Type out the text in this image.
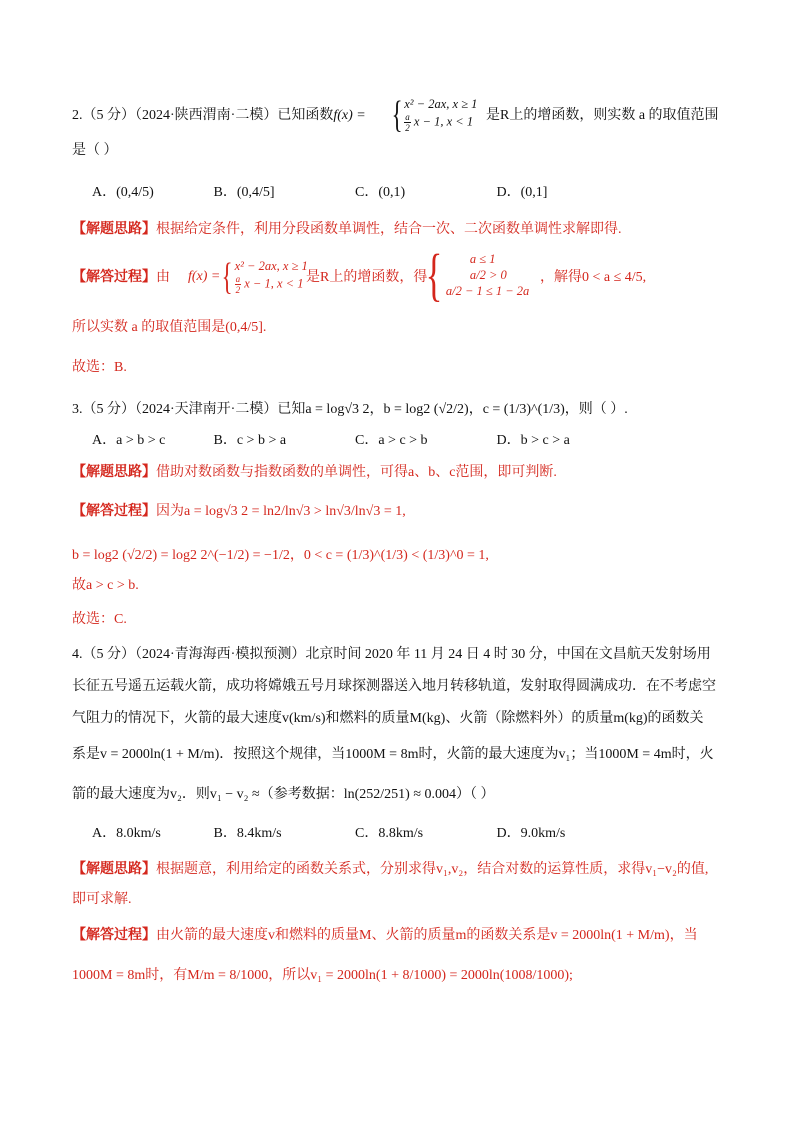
2.（5 分）（2024·陕西渭南·二模）已知函数f(x) = { x² − 2ax, x ≥ 1
$\frac{a}{2}$ x − 1, x < 1 是R上的增函数，则实数 a 的取值范围
是（ ）
A．(0,4/5)	B．(0,4/5]	C．(0,1)	D．(0,1]
【解题思路】根据给定条件，利用分段函数单调性，结合一次、二次函数单调性求解即得.
【解答过程】由	f(x) = { x² − 2ax, x ≥ 1
$\frac{a}{2}$ x − 1, x < 1 是R上的增函数，得
{	a ≤ 1
a/2 > 0
a/2 − 1 ≤ 1 − 2a
，解得0 < a ≤ 4/5,
所以实数 a 的取值范围是(0,4/5].
故选：B.
3.（5 分）（2024·天津南开·二模）已知a = log√3 2，b = log2 (√2/2)，c = (1/3)^(1/3)，则（ ）.
A．a > b > c	B．c > b > a	C．a > c > b	D．b > c > a
【解题思路】借助对数函数与指数函数的单调性，可得a、b、c范围，即可判断.
【解答过程】因为a = log√3 2 = ln2/ln√3 > ln√3/ln√3 = 1,
b = log2 (√2/2) = log2 2^(−1/2) = −1/2，0 < c = (1/3)^(1/3) < (1/3)^0 = 1,
故a > c > b.
故选：C.
4.（5 分）（2024·青海海西·模拟预测）北京时间 2020 年 11 月 24 日 4 时 30 分，中国在文昌航天发射场用
长征五号遥五运载火箭，成功将嫦娥五号月球探测器送入地月转移轨道，发射取得圆满成功．在不考虑空
气阻力的情况下，火箭的最大速度v(km/s)和燃料的质量M(kg)、火箭（除燃料外）的质量m(kg)的函数关
系是v = 2000ln(1 + M/m)．按照这个规律，当1000M = 8m时，火箭的最大速度为v₁；当1000M = 4m时，火
箭的最大速度为v₂．则v₁ − v₂ ≈（参考数据：ln(252/251) ≈ 0.004）（ ）
A．8.0km/s	B．8.4km/s	C．8.8km/s	D．9.0km/s
【解题思路】根据题意，利用给定的函数关系式，分别求得v₁,v₂，结合对数的运算性质，求得v₁−v₂的值,
即可求解.
【解答过程】由火箭的最大速度v和燃料的质量M、火箭的质量m的函数关系是v = 2000ln(1 + M/m)，当
1000M = 8m时，有M/m = 8/1000，所以v₁ = 2000ln(1 + 8/1000) = 2000ln(1008/1000);
